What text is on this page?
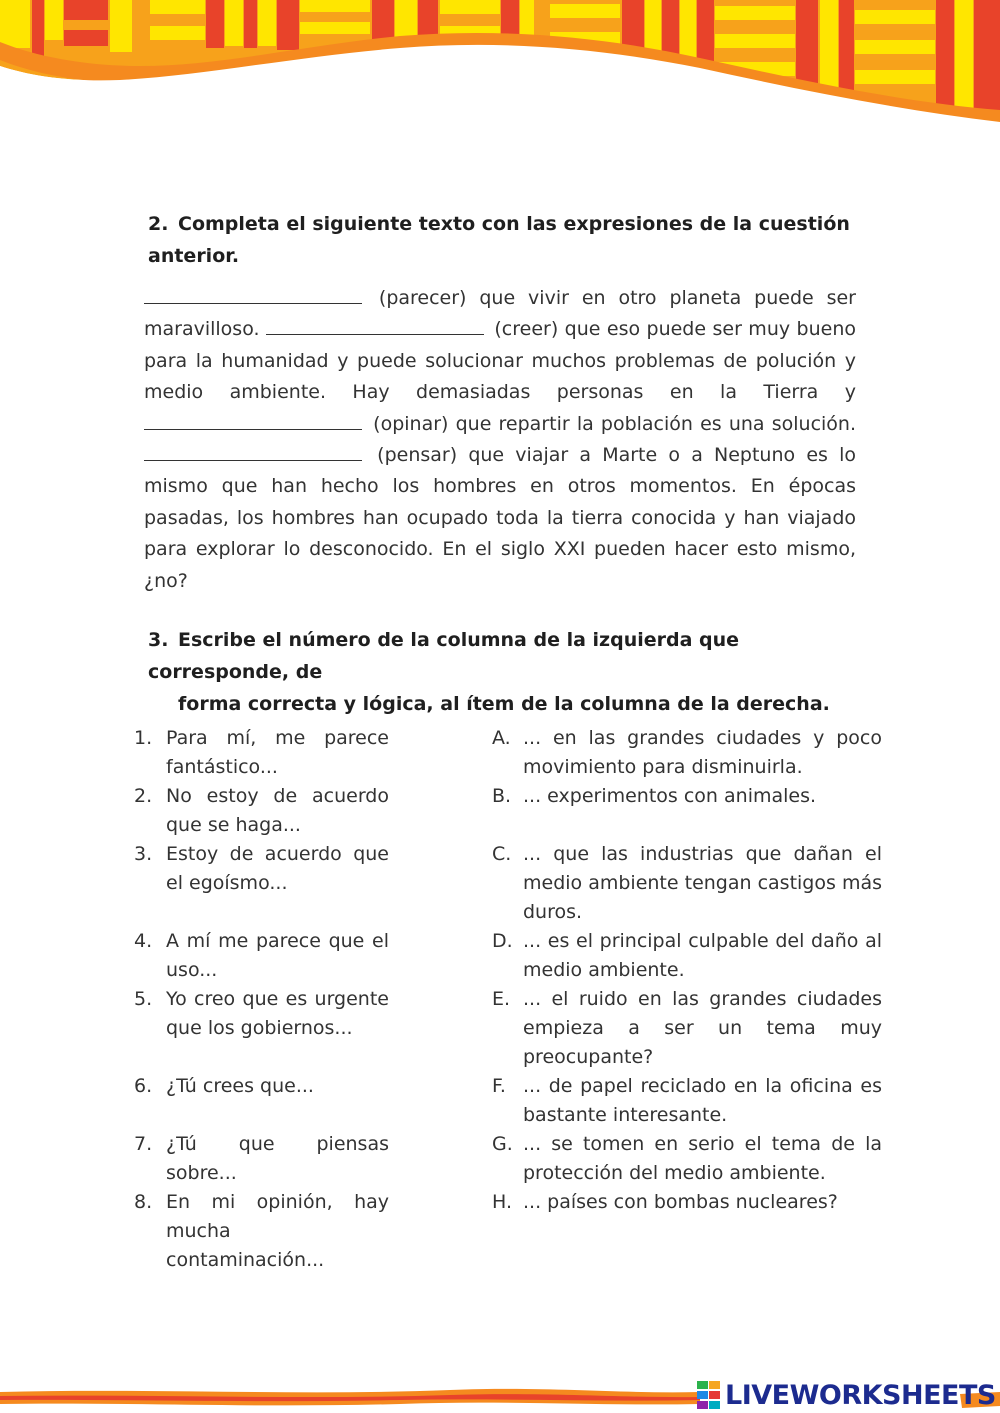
2. Completa el siguiente texto con las expresiones de la cuestión anterior.

(parecer) que vivir en otro planeta puede ser maravilloso.	(creer) que eso puede ser muy bueno para la humanidad y puede solucionar muchos problemas de polución y medio ambiente. Hay demasiadas personas en la Tierra y  (opinar) que repartir la población es una solución.  (pensar) que viajar a Marte o a Neptuno es lo mismo que han hecho los hombres en otros momentos. En épocas pasadas, los hombres han ocupado toda la tierra conocida y han viajado para explorar lo desconocido. En el siglo XXI pueden hacer esto mismo, ¿no?

3. Escribe el número de la columna de la izquierda que corresponde, de
forma correcta y lógica, al ítem de la columna de la derecha.
1. Para mí, me parece fantástico...
2. No estoy de acuerdo que se haga...
3. Estoy de acuerdo que el egoísmo...
4. A mí me parece que el uso...
5. Yo creo que es urgente que los gobiernos...
6. ¿Tú crees que...
7. ¿Tú que piensas sobre...
8. En mi opinión, hay mucha contaminación...
A. ... en las grandes ciudades y poco movimiento para disminuirla.
B. ... experimentos con animales.
C. ... que las industrias que dañan el medio ambiente tengan castigos más duros.
D. ... es el principal culpable del daño al medio ambiente.
E. ... el ruido en las grandes ciudades empieza a ser un tema muy preocupante?
F. ... de papel reciclado en la oficina es bastante interesante.
G. ... se tomen en serio el tema de la protección del medio ambiente.
H. ... países con bombas nucleares?
LIVEWORKSHEETS
